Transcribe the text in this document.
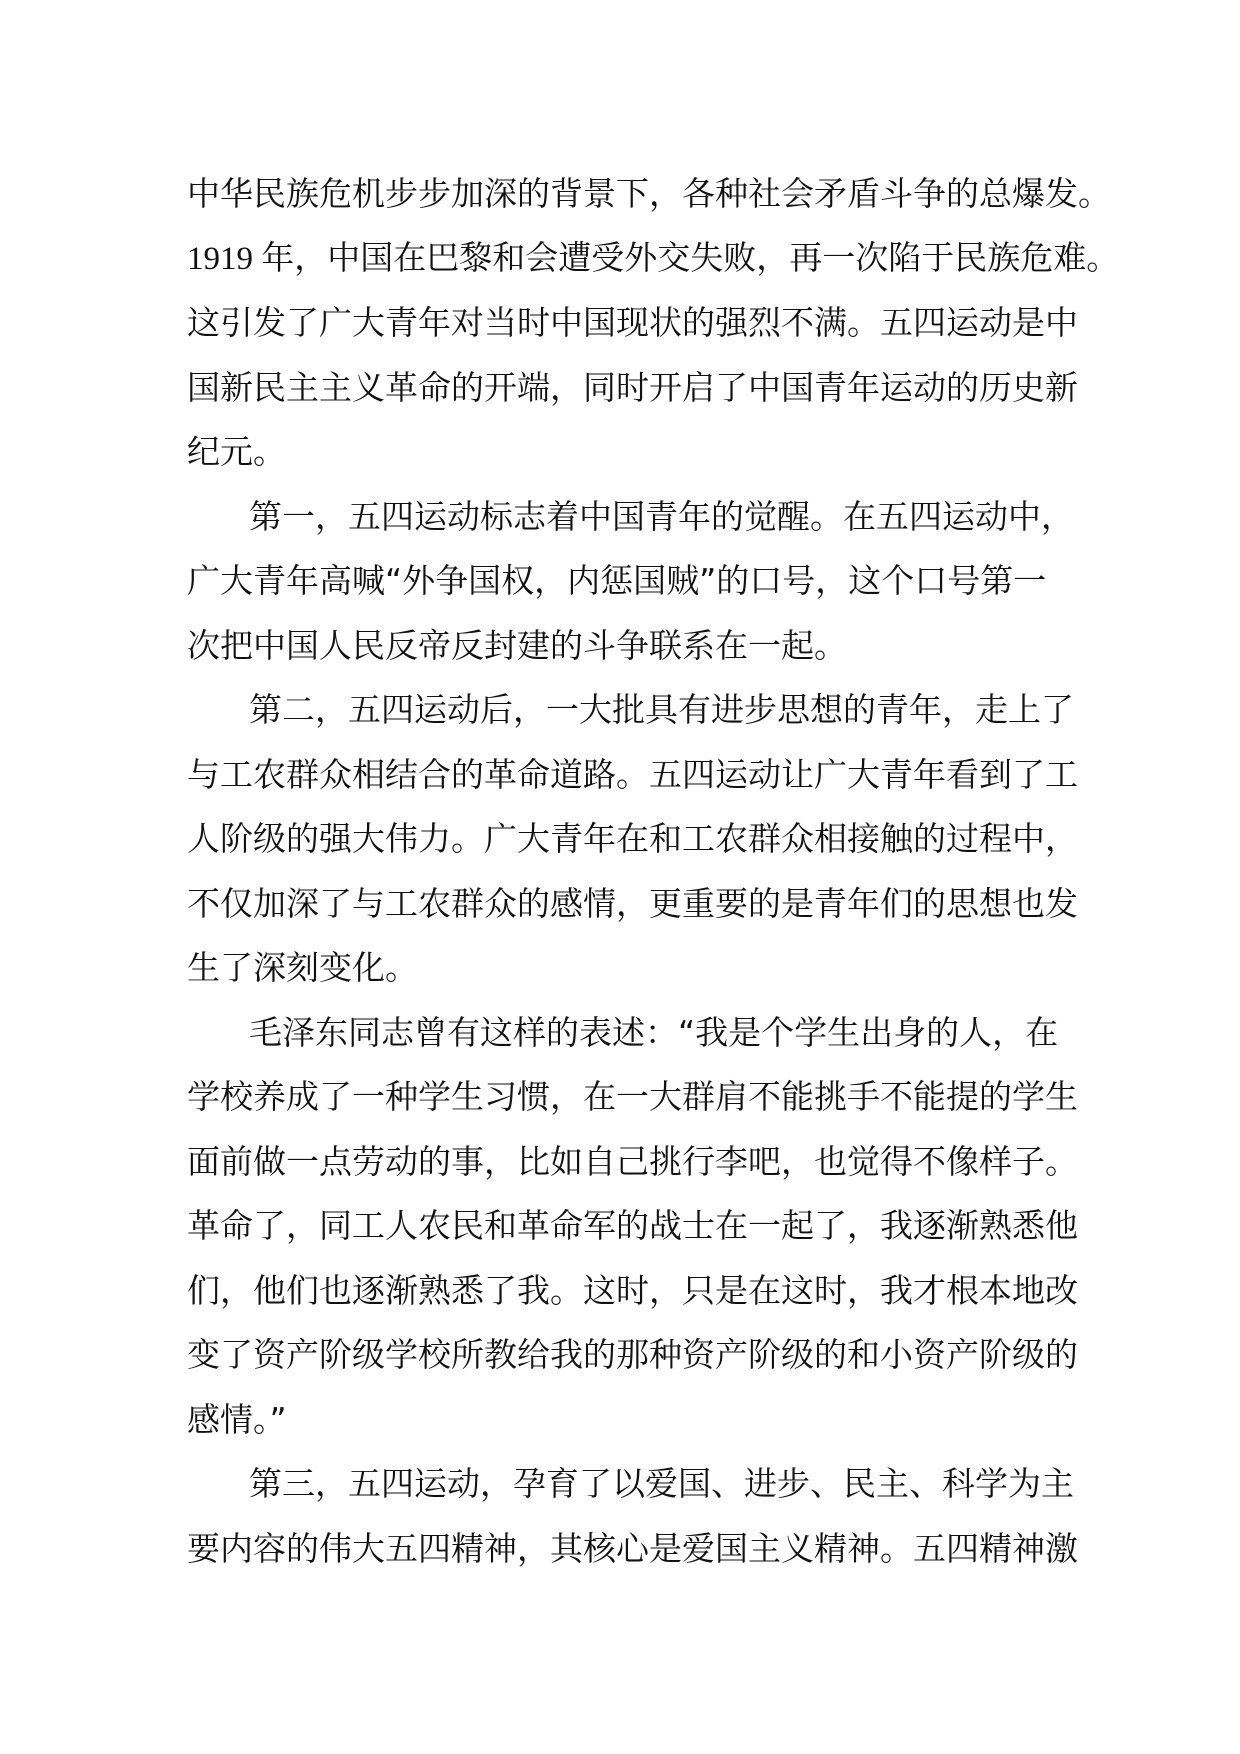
中华民族危机步步加深的背景下，各种社会矛盾斗争的总爆发。
1919 年，中国在巴黎和会遭受外交失败，再一次陷于民族危难。
这引发了广大青年对当时中国现状的强烈不满。五四运动是中
国新民主主义革命的开端，同时开启了中国青年运动的历史新
纪元。
第一，五四运动标志着中国青年的觉醒。在五四运动中，
广大青年高喊“外争国权，内惩国贼”的口号，这个口号第一
次把中国人民反帝反封建的斗争联系在一起。
第二，五四运动后，一大批具有进步思想的青年，走上了
与工农群众相结合的革命道路。五四运动让广大青年看到了工
人阶级的强大伟力。广大青年在和工农群众相接触的过程中，
不仅加深了与工农群众的感情，更重要的是青年们的思想也发
生了深刻变化。
毛泽东同志曾有这样的表述：“我是个学生出身的人，在
学校养成了一种学生习惯，在一大群肩不能挑手不能提的学生
面前做一点劳动的事，比如自己挑行李吧，也觉得不像样子。
革命了，同工人农民和革命军的战士在一起了，我逐渐熟悉他
们，他们也逐渐熟悉了我。这时，只是在这时，我才根本地改
变了资产阶级学校所教给我的那种资产阶级的和小资产阶级的
感情。”
第三，五四运动，孕育了以爱国、进步、民主、科学为主
要内容的伟大五四精神，其核心是爱国主义精神。五四精神激
